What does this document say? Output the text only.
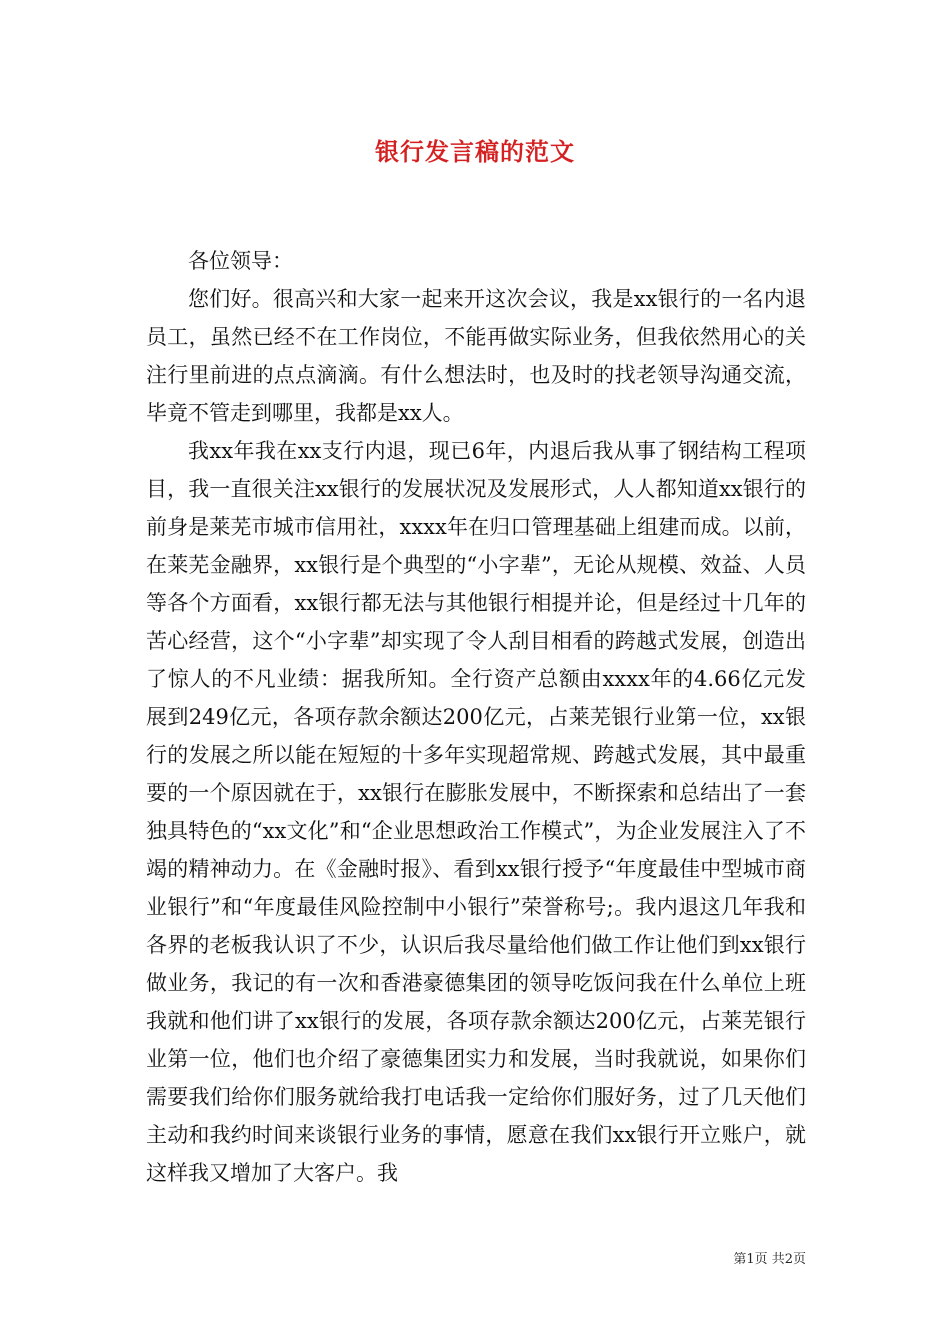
银行发言稿的范文

各位领导：

您们好。很高兴和大家一起来开这次会议，我是xx银行的一名内退员工，虽然已经不在工作岗位，不能再做实际业务，但我依然用心的关注行里前进的点点滴滴。有什么想法时，也及时的找老领导沟通交流，毕竟不管走到哪里，我都是xx人。

我xx年我在xx支行内退，现已6年，内退后我从事了钢结构工程项目，我一直很关注xx银行的发展状况及发展形式，人人都知道xx银行的前身是莱芜市城市信用社，xxxx年在归口管理基础上组建而成。以前，在莱芜金融界，xx银行是个典型的“小字辈”，无论从规模、效益、人员等各个方面看，xx银行都无法与其他银行相提并论，但是经过十几年的苦心经营，这个“小字辈”却实现了令人刮目相看的跨越式发展，创造出了惊人的不凡业绩：据我所知。全行资产总额由xxxx年的4.66亿元发展到249亿元，各项存款余额达200亿元，占莱芜银行业第一位，xx银行的发展之所以能在短短的十多年实现超常规、跨越式发展，其中最重要的一个原因就在于，xx银行在膨胀发展中，不断探索和总结出了一套独具特色的“xx文化”和“企业思想政治工作模式”，为企业发展注入了不竭的精神动力。在《金融时报》、看到xx银行授予“年度最佳中型城市商业银行”和“年度最佳风险控制中小银行”荣誉称号;。我内退这几年我和各界的老板我认识了不少，认识后我尽量给他们做工作让他们到xx银行做业务，我记的有一次和香港豪德集团的领导吃饭问我在什么单位上班我就和他们讲了xx银行的发展，各项存款余额达200亿元，占莱芜银行业第一位，他们也介绍了豪德集团实力和发展，当时我就说，如果你们需要我们给你们服务就给我打电话我一定给你们服好务，过了几天他们主动和我约时间来谈银行业务的事情，愿意在我们xx银行开立账户，就这样我又增加了大客户。我

第1页 共2页
